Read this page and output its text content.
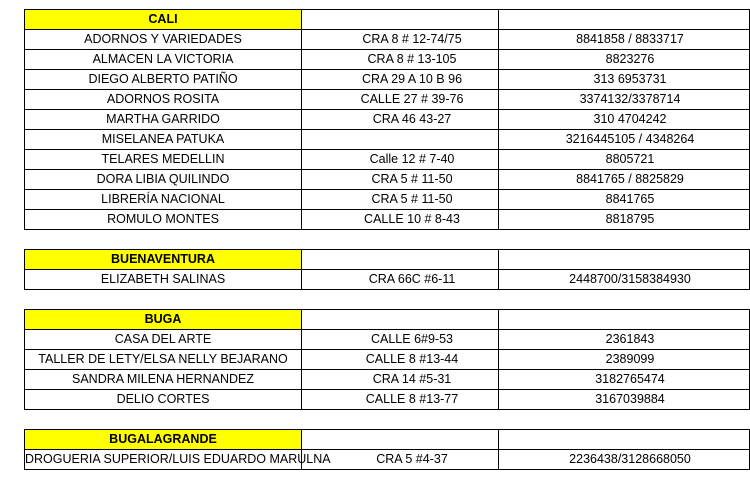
CALI		
ADORNOS Y VARIEDADES	CRA 8 # 12-74/75	8841858 / 8833717
ALMACEN LA VICTORIA	CRA 8 # 13-105	8823276
DIEGO ALBERTO PATIÑO	CRA 29 A 10 B 96	313 6953731
ADORNOS ROSITA	CALLE 27 # 39-76	3374132/3378714
MARTHA GARRIDO	CRA 46 43-27	310 4704242
MISELANEA PATUKA		3216445105 / 4348264
TELARES MEDELLIN	Calle 12 # 7-40	8805721
DORA LIBIA QUILINDO	CRA 5 # 11-50	8841765 / 8825829
LIBRERÍA NACIONAL	CRA 5 # 11-50	8841765
ROMULO MONTES	CALLE 10 # 8-43	8818795
BUENAVENTURA		
ELIZABETH SALINAS	CRA 66C #6-11	2448700/3158384930
BUGA		
CASA DEL ARTE	CALLE 6#9-53	2361843
TALLER DE LETY/ELSA NELLY BEJARANO	CALLE 8 #13-44	2389099
SANDRA MILENA HERNANDEZ	CRA 14 #5-31	3182765474
DELIO CORTES	CALLE 8 #13-77	3167039884
BUGALAGRANDE		
DROGUERIA SUPERIOR/LUIS EDUARDO MARULNA	CRA 5 #4-37	2236438/3128668050
